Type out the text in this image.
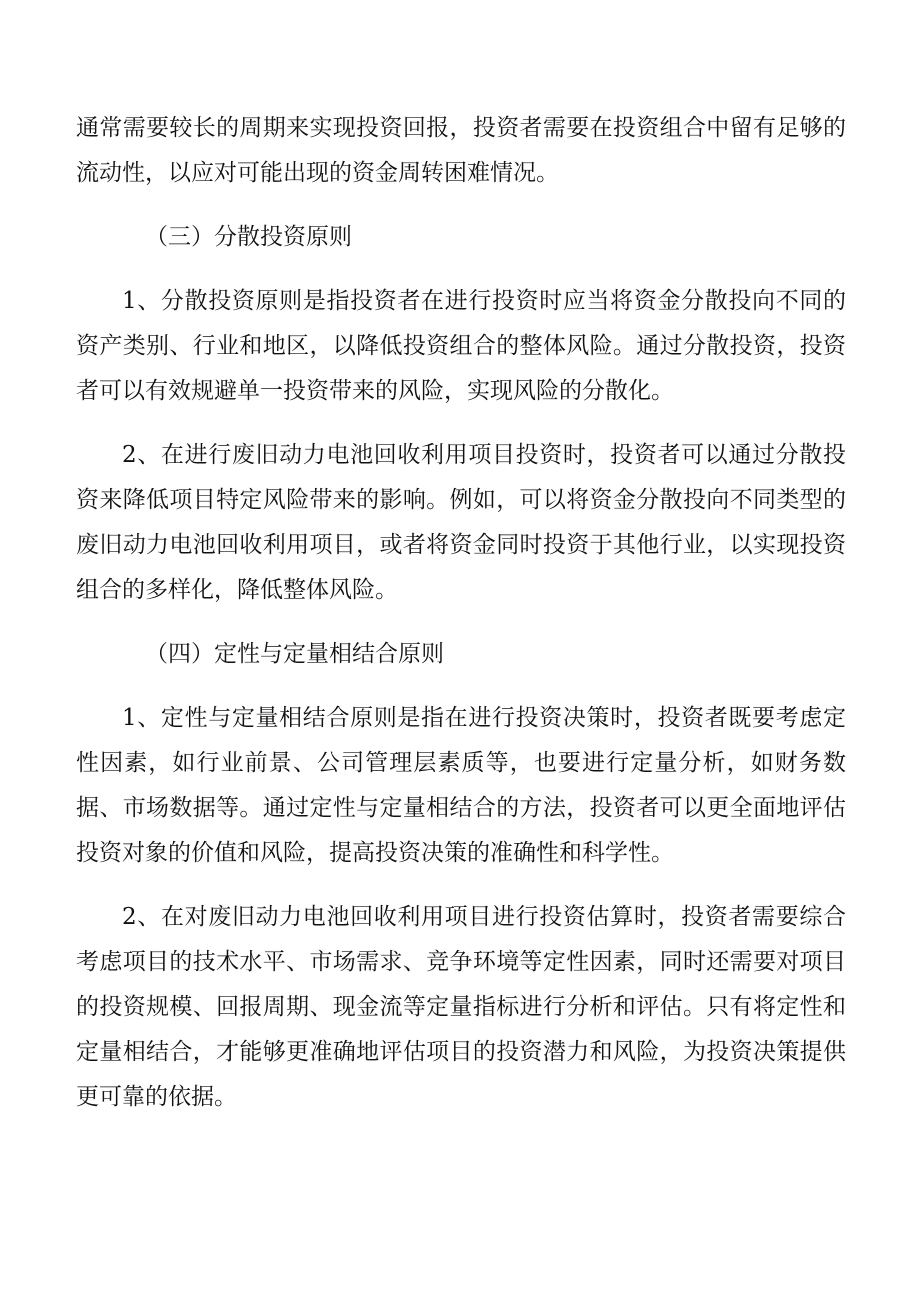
通常需要较长的周期来实现投资回报，投资者需要在投资组合中留有足够的流动性，以应对可能出现的资金周转困难情况。

（三）分散投资原则

1、分散投资原则是指投资者在进行投资时应当将资金分散投向不同的资产类别、行业和地区，以降低投资组合的整体风险。通过分散投资，投资者可以有效规避单一投资带来的风险，实现风险的分散化。

2、在进行废旧动力电池回收利用项目投资时，投资者可以通过分散投资来降低项目特定风险带来的影响。例如，可以将资金分散投向不同类型的废旧动力电池回收利用项目，或者将资金同时投资于其他行业，以实现投资组合的多样化，降低整体风险。

（四）定性与定量相结合原则

1、定性与定量相结合原则是指在进行投资决策时，投资者既要考虑定性因素，如行业前景、公司管理层素质等，也要进行定量分析，如财务数据、市场数据等。通过定性与定量相结合的方法，投资者可以更全面地评估投资对象的价值和风险，提高投资决策的准确性和科学性。

2、在对废旧动力电池回收利用项目进行投资估算时，投资者需要综合考虑项目的技术水平、市场需求、竞争环境等定性因素，同时还需要对项目的投资规模、回报周期、现金流等定量指标进行分析和评估。只有将定性和定量相结合，才能够更准确地评估项目的投资潜力和风险，为投资决策提供更可靠的依据。
